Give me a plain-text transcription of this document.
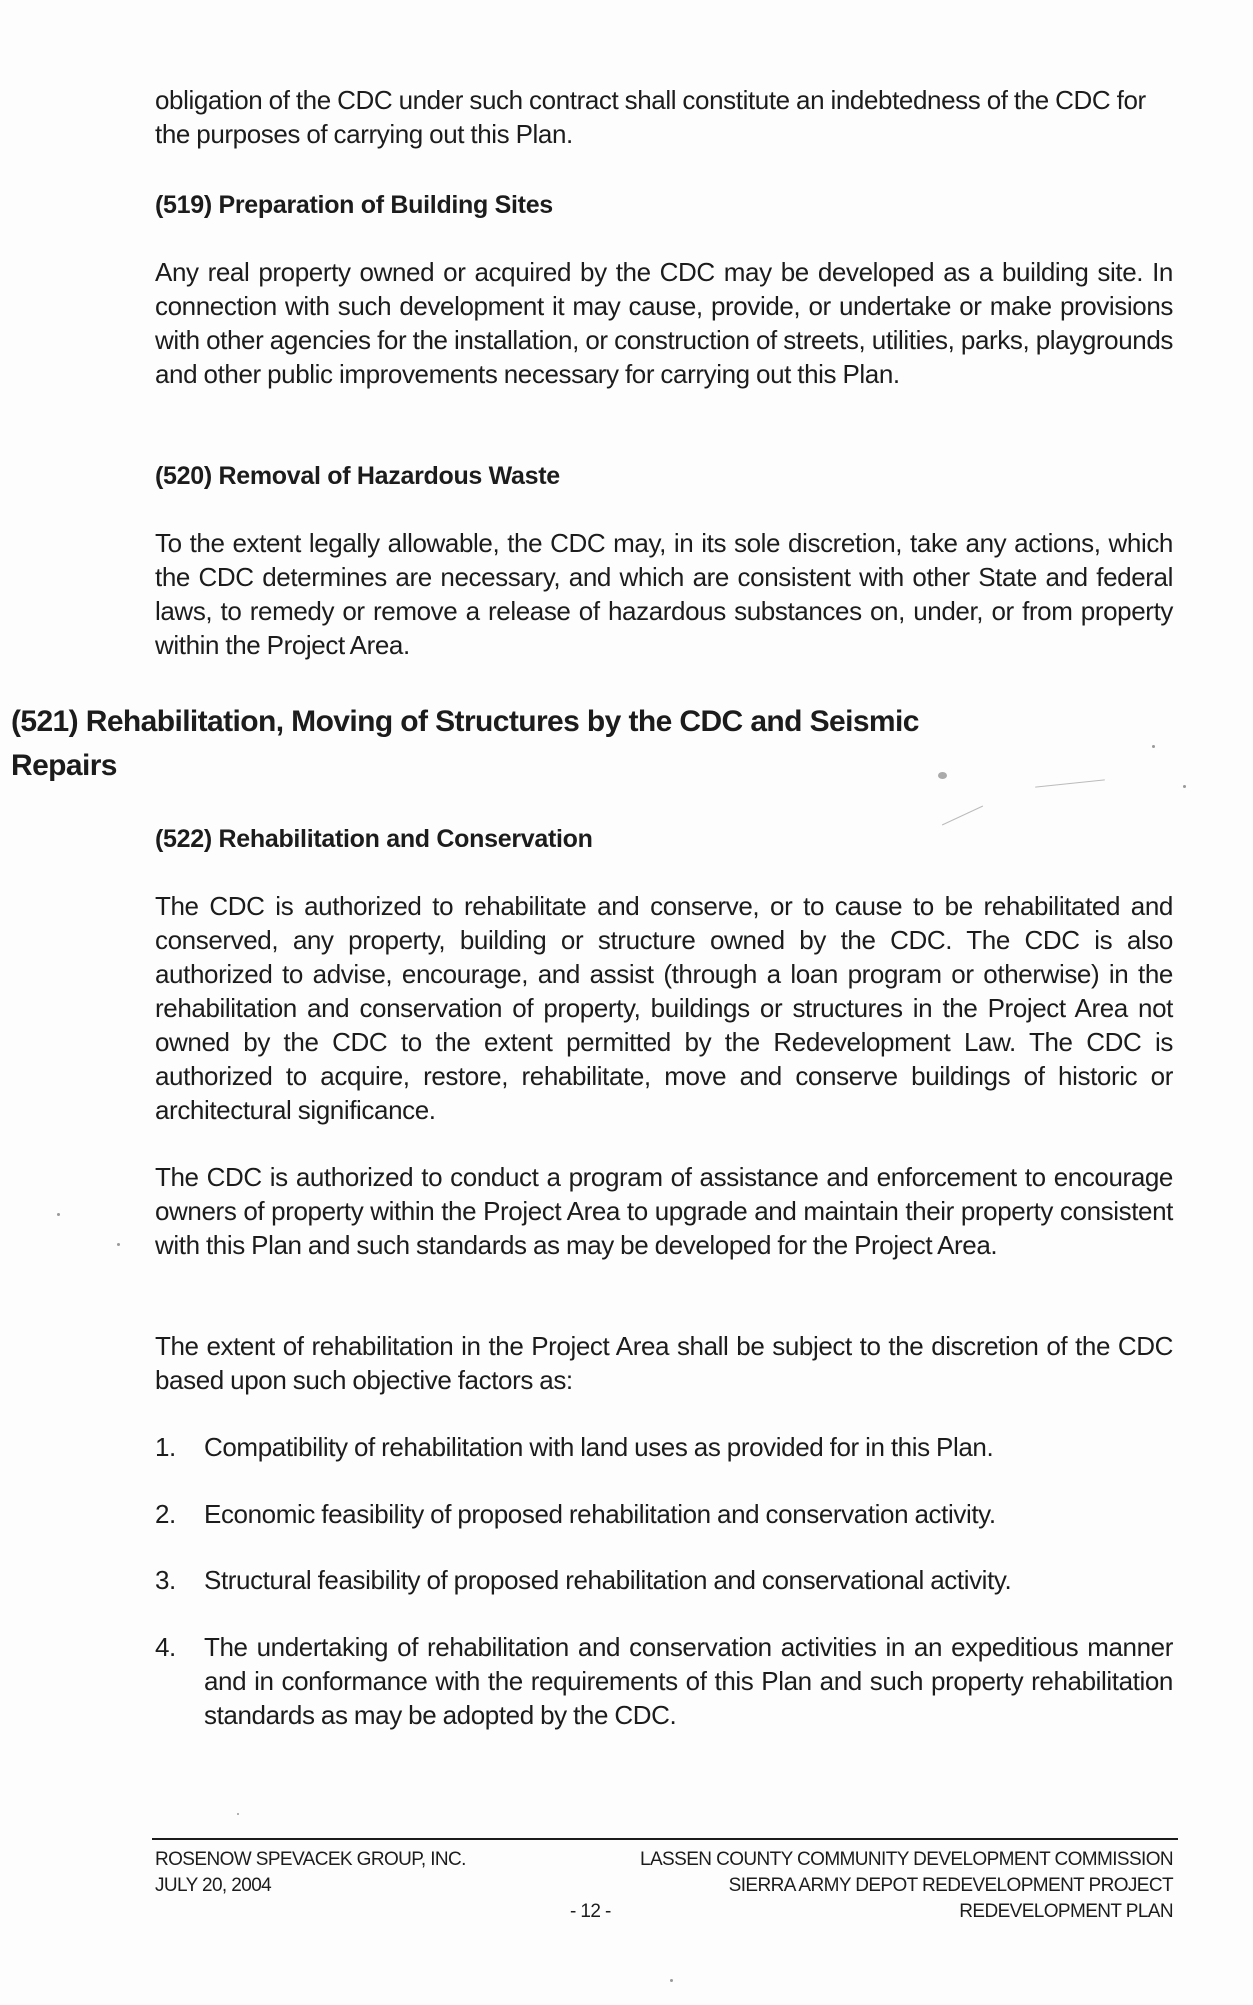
obligation of the CDC under such contract shall constitute an indebtedness of the CDC for the purposes of carrying out this Plan.
(519) Preparation of Building Sites
Any real property owned or acquired by the CDC may be developed as a building site. In connection with such development it may cause, provide, or undertake or make provisions with other agencies for the installation, or construction of streets, utilities, parks, playgrounds and other public improvements necessary for carrying out this Plan.
(520) Removal of Hazardous Waste
To the extent legally allowable, the CDC may, in its sole discretion, take any actions, which the CDC determines are necessary, and which are consistent with other State and federal laws, to remedy or remove a release of hazardous substances on, under, or from property within the Project Area.
(521) Rehabilitation, Moving of Structures by the CDC and Seismic
Repairs
(522) Rehabilitation and Conservation
The CDC is authorized to rehabilitate and conserve, or to cause to be rehabilitated and conserved, any property, building or structure owned by the CDC. The CDC is also authorized to advise, encourage, and assist (through a loan program or otherwise) in the rehabilitation and conservation of property, buildings or structures in the Project Area not owned by the CDC to the extent permitted by the Redevelopment Law. The CDC is authorized to acquire, restore, rehabilitate, move and conserve buildings of historic or architectural significance.
The CDC is authorized to conduct a program of assistance and enforcement to encourage owners of property within the Project Area to upgrade and maintain their property consistent with this Plan and such standards as may be developed for the Project Area.
The extent of rehabilitation in the Project Area shall be subject to the discretion of the CDC based upon such objective factors as:
1.	Compatibility of rehabilitation with land uses as provided for in this Plan.
2.	Economic feasibility of proposed rehabilitation and conservation activity.
3.	Structural feasibility of proposed rehabilitation and conservational activity.
4.	The undertaking of rehabilitation and conservation activities in an expeditious manner and in conformance with the requirements of this Plan and such property rehabilitation standards as may be adopted by the CDC.
ROSENOW SPEVACEK GROUP, INC.
JULY 20, 2004
LASSEN COUNTY COMMUNITY DEVELOPMENT COMMISSION
SIERRA ARMY DEPOT REDEVELOPMENT PROJECT
REDEVELOPMENT PLAN
- 12 -
